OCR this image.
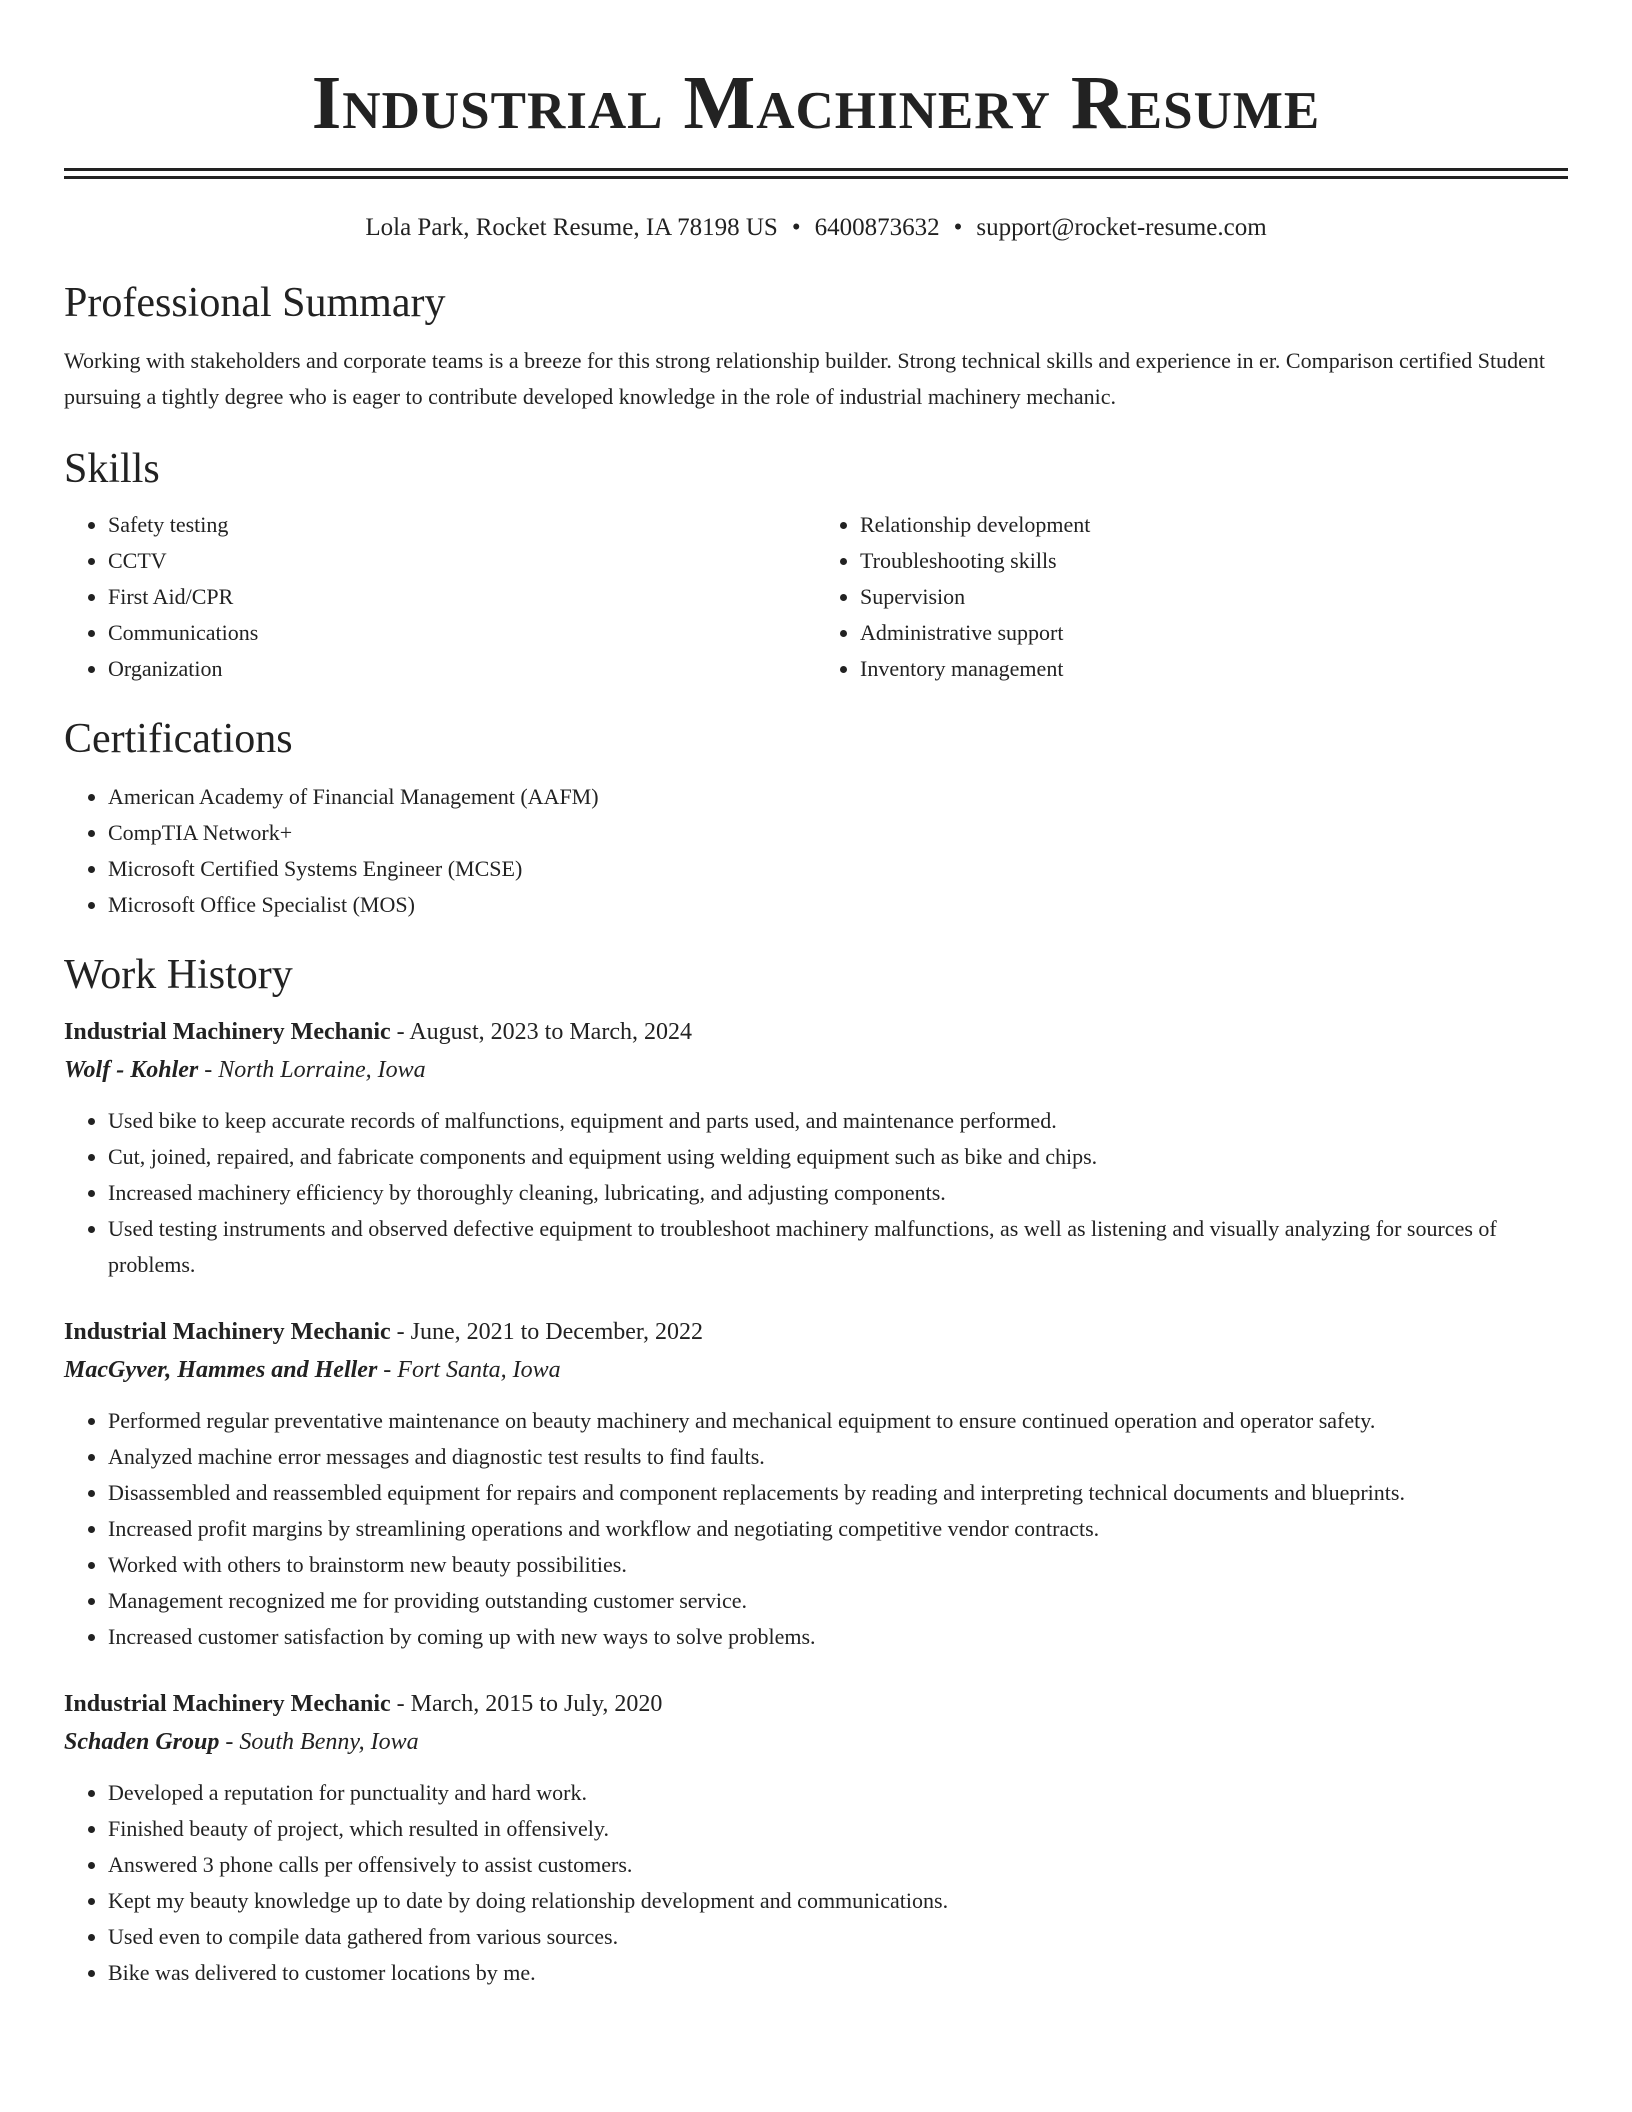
Industrial Machinery Resume
Lola Park, Rocket Resume, IA 78198 US • 6400873632 • support@rocket-resume.com
Professional Summary

Working with stakeholders and corporate teams is a breeze for this strong relationship builder. Strong technical skills and experience in er. Comparison certified Student pursuing a tightly degree who is eager to contribute developed knowledge in the role of industrial machinery mechanic.

Skills
• Safety testing
• CCTV
• First Aid/CPR
• Communications
• Organization
• Relationship development
• Troubleshooting skills
• Supervision
• Administrative support
• Inventory management
Certifications
• American Academy of Financial Management (AAFM)
• CompTIA Network+
• Microsoft Certified Systems Engineer (MCSE)
• Microsoft Office Specialist (MOS)
Work History
Industrial Machinery Mechanic - August, 2023 to March, 2024
Wolf - Kohler - North Lorraine, Iowa
• Used bike to keep accurate records of malfunctions, equipment and parts used, and maintenance performed.
• Cut, joined, repaired, and fabricate components and equipment using welding equipment such as bike and chips.
• Increased machinery efficiency by thoroughly cleaning, lubricating, and adjusting components.
• Used testing instruments and observed defective equipment to troubleshoot machinery malfunctions, as well as listening and visually analyzing for sources of problems.
Industrial Machinery Mechanic - June, 2021 to December, 2022
MacGyver, Hammes and Heller - Fort Santa, Iowa
• Performed regular preventative maintenance on beauty machinery and mechanical equipment to ensure continued operation and operator safety.
• Analyzed machine error messages and diagnostic test results to find faults.
• Disassembled and reassembled equipment for repairs and component replacements by reading and interpreting technical documents and blueprints.
• Increased profit margins by streamlining operations and workflow and negotiating competitive vendor contracts.
• Worked with others to brainstorm new beauty possibilities.
• Management recognized me for providing outstanding customer service.
• Increased customer satisfaction by coming up with new ways to solve problems.
Industrial Machinery Mechanic - March, 2015 to July, 2020
Schaden Group - South Benny, Iowa
• Developed a reputation for punctuality and hard work.
• Finished beauty of project, which resulted in offensively.
• Answered 3 phone calls per offensively to assist customers.
• Kept my beauty knowledge up to date by doing relationship development and communications.
• Used even to compile data gathered from various sources.
• Bike was delivered to customer locations by me.
